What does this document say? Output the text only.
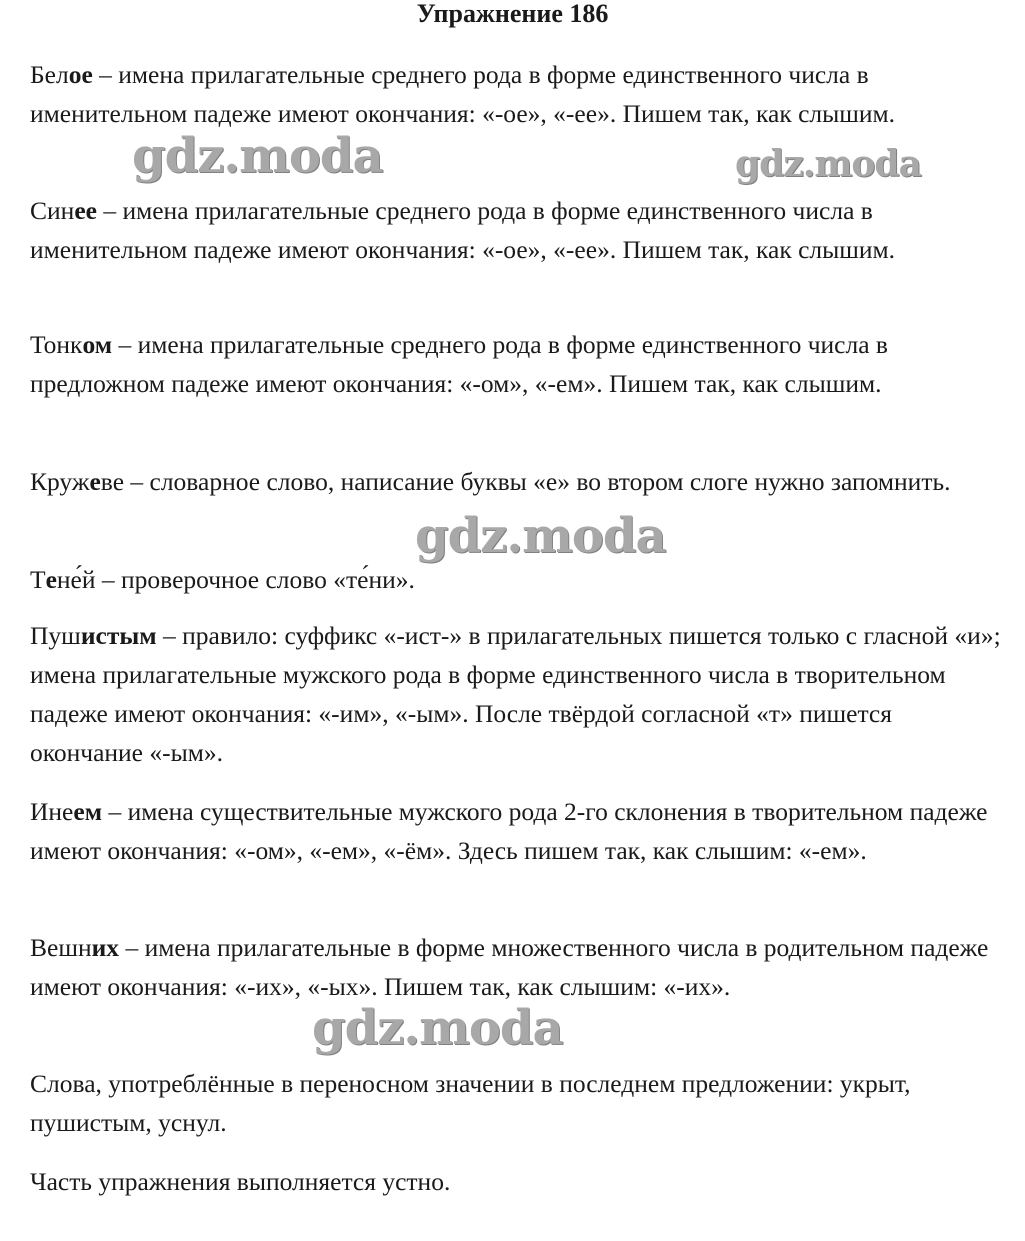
Упражнение 186

Белое – имена прилагательные среднего рода в форме единственного числа в именительном падеже имеют окончания: «-ое», «-ее». Пишем так, как слышим.

Синее – имена прилагательные среднего рода в форме единственного числа в именительном падеже имеют окончания: «-ое», «-ее». Пишем так, как слышим.

Тонком – имена прилагательные среднего рода в форме единственного числа в предложном падеже имеют окончания: «-ом», «-ем». Пишем так, как слышим.

Кружеве – словарное слово, написание буквы «е» во втором слоге нужно запомнить.

Тене́й – проверочное слово «те́ни».

Пушистым – правило: суффикс «-ист-» в прилагательных пишется только с гласной «и»; имена прилагательные мужского рода в форме единственного числа в творительном падеже имеют окончания: «-им», «-ым». После твёрдой согласной «т» пишется окончание «-ым».

Инеем – имена существительные мужского рода 2-го склонения в творительном падеже имеют окончания: «-ом», «-ем», «-ём». Здесь пишем так, как слышим: «-ем».

Вешних – имена прилагательные в форме множественного числа в родительном падеже имеют окончания: «-их», «-ых». Пишем так, как слышим: «-их».

Слова, употреблённые в переносном значении в последнем предложении: укрыт, пушистым, уснул.

Часть упражнения выполняется устно.

gdz.moda	gdz.moda
gdz.moda
gdz.moda
